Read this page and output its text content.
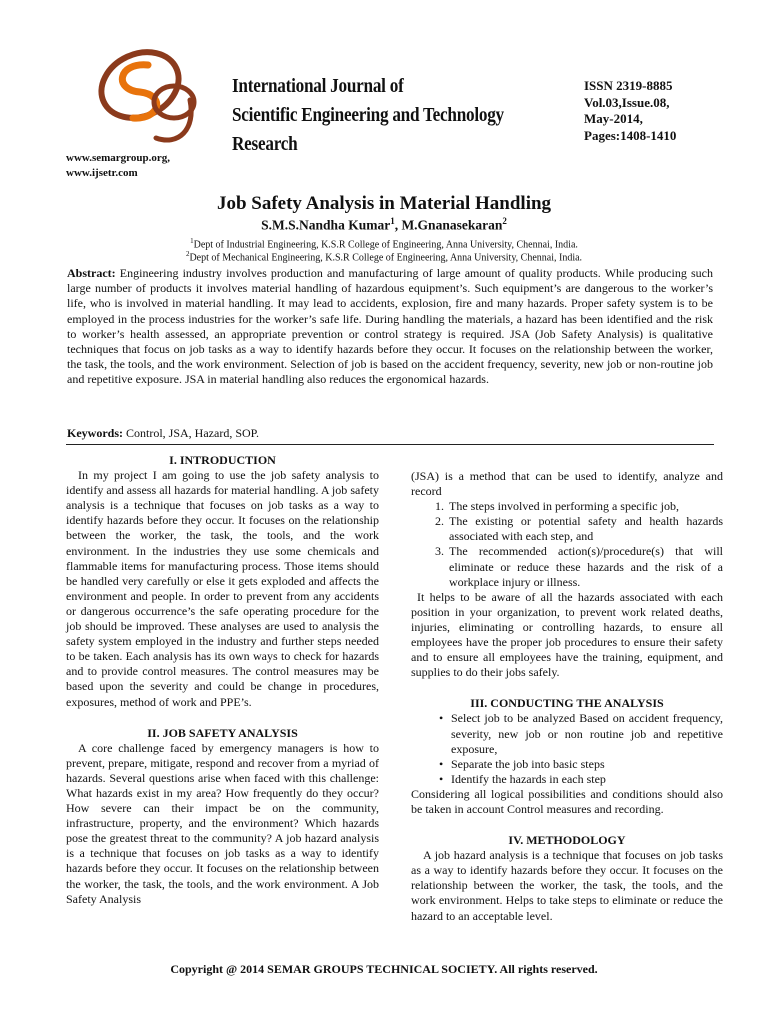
International Journal of
Scientific Engineering and Technology Research
ISSN 2319-8885
Vol.03,Issue.08,
May-2014,
Pages:1408-1410
www.semargroup.org,
www.ijsetr.com
Job Safety Analysis in Material Handling
S.M.S.Nandha Kumar$^1$, M.Gnanasekaran$^2$
$^1$Dept of Industrial Engineering, K.S.R College of Engineering, Anna University, Chennai, India.
$^2$Dept of Mechanical Engineering, K.S.R College of Engineering, Anna University, Chennai, India.
Abstract: Engineering industry involves production and manufacturing of large amount of quality products. While producing such large number of products it involves material handling of hazardous equipment’s. Such equipment’s are dangerous to the worker’s life, who is involved in material handling. It may lead to accidents, explosion, fire and many hazards. Proper safety system is to be employed in the process industries for the worker’s safe life. During handling the materials, a hazard has been identified and the risk to worker’s health assessed, an appropriate prevention or control strategy is required. JSA (Job Safety Analysis) is qualitative techniques that focus on job tasks as a way to identify hazards before they occur. It focuses on the relationship between the worker, the task, the tools, and the work environment. Selection of job is based on the accident frequency, severity, new job or non-routine job and repetitive exposure. JSA in material handling also reduces the ergonomical hazards.
Keywords: Control, JSA, Hazard, SOP.
I. INTRODUCTION

In my project I am going to use the job safety analysis to identify and assess all hazards for material handling. A job safety analysis is a technique that focuses on job tasks as a way to identify hazards before they occur. It focuses on the relationship between the worker, the task, the tools, and the work environment. In the industries they use some chemicals and flammable items for manufacturing process. Those items should be handled very carefully or else it gets exploded and affects the environment and people. In order to prevent from any accidents or dangerous occurrence’s the safe operating procedure for the job should be improved. These analyses are used to analysis the safety system employed in the industry and further steps needed to be taken. Each analysis has its own ways to check for hazards and to provide control measures. The control measures may be based upon the severity and could be change in procedures, exposures, method of work and PPE’s.

II. JOB SAFETY ANALYSIS

A core challenge faced by emergency managers is how to prevent, prepare, mitigate, respond and recover from a myriad of hazards. Several questions arise when faced with this challenge: What hazards exist in my area? How frequently do they occur? How severe can their impact be on the community, infrastructure, property, and the environment? Which hazards pose the greatest threat to the community? A job hazard analysis is a technique that focuses on job tasks as a way to identify hazards before they occur. It focuses on the relationship between the worker, the task, the tools, and the work environment. A Job Safety Analysis

(JSA) is a method that can be used to identify, analyze and record

1. The steps involved in performing a specific job,
2. The existing or potential safety and health hazards associated with each step, and
3. The recommended action(s)/procedure(s) that will eliminate or reduce these hazards and the risk of a workplace injury or illness.

It helps to be aware of all the hazards associated with each position in your organization, to prevent work related deaths, injuries, eliminating or controlling hazards, to ensure all employees have the proper job procedures to ensure their safety and to ensure all employees have the training, equipment, and supplies to do their jobs safely.

III. CONDUCTING THE ANALYSIS
• Select job to be analyzed Based on accident frequency, severity, new job or non routine job and repetitive exposure,
• Separate the job into basic steps
• Identify the hazards in each step

Considering all logical possibilities and conditions should also be taken in account Control measures and recording.

IV. METHODOLOGY

A job hazard analysis is a technique that focuses on job tasks as a way to identify hazards before they occur. It focuses on the relationship between the worker, the task, the tools, and the work environment. Helps to take steps to eliminate or reduce the hazard to an acceptable level.

Copyright @ 2014 SEMAR GROUPS TECHNICAL SOCIETY. All rights reserved.
